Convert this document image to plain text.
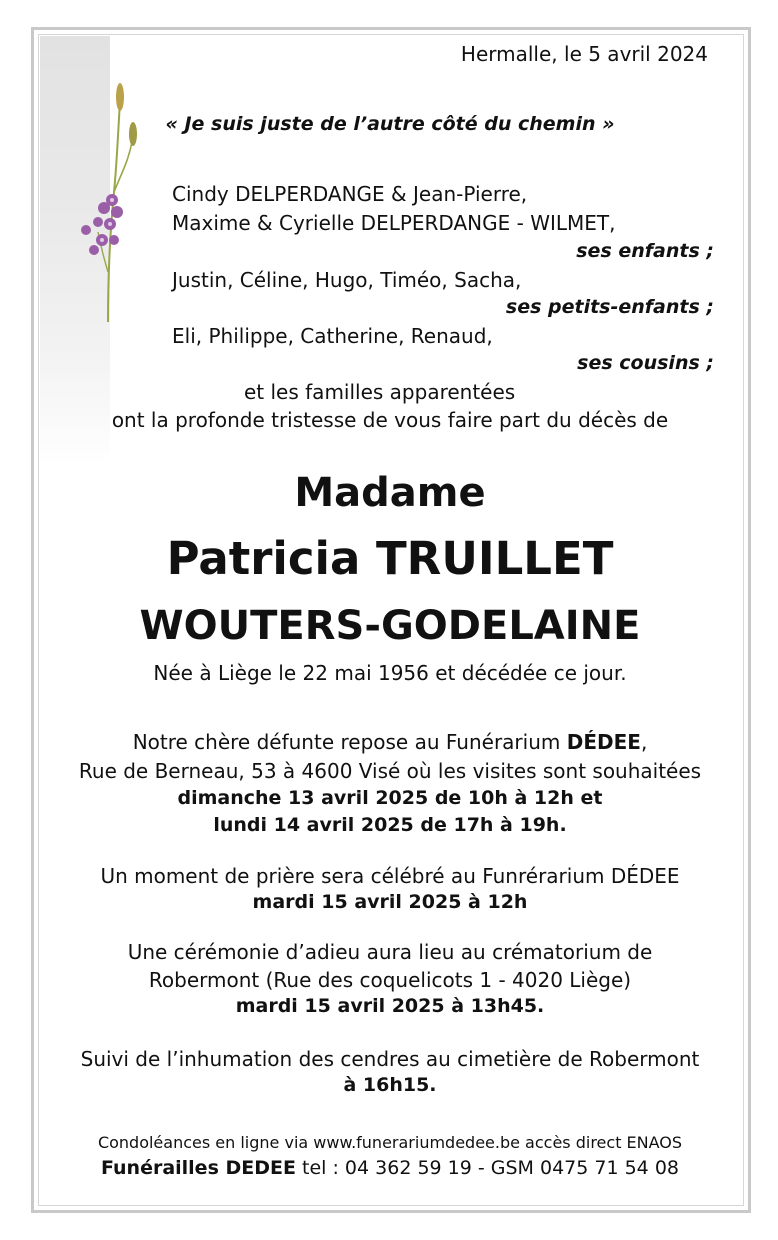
Hermalle, le 5 avril 2024
« Je suis juste de l’autre côté du chemin »
Cindy DELPERDANGE & Jean-Pierre,
Maxime & Cyrielle DELPERDANGE - WILMET,
ses enfants ;
Justin, Céline, Hugo, Timéo, Sacha,
ses petits-enfants ;
Eli, Philippe, Catherine, Renaud,
ses cousins ;
et les familles apparentées
ont la profonde tristesse de vous faire part du décès de
Madame
Patricia TRUILLET
WOUTERS-GODELAINE
Née à Liège le 22 mai 1956 et décédée ce jour.
Notre chère défunte repose au Funérarium DÉDEE,
Rue de Berneau, 53 à 4600 Visé où les visites sont souhaitées
dimanche 13 avril 2025 de 10h à 12h et
lundi 14 avril 2025 de 17h à 19h.
Un moment de prière sera célébré au Funrérarium DÉDEE
mardi 15 avril 2025 à 12h
Une cérémonie d’adieu aura lieu au crématorium de
Robermont (Rue des coquelicots 1 - 4020 Liège)
mardi 15 avril 2025 à 13h45.
Suivi de l’inhumation des cendres au cimetière de Robermont
à 16h15.
Condoléances en ligne via www.funerariumdedee.be accès direct ENAOS
Funérailles DEDEE tel : 04 362 59 19 - GSM 0475 71 54 08
